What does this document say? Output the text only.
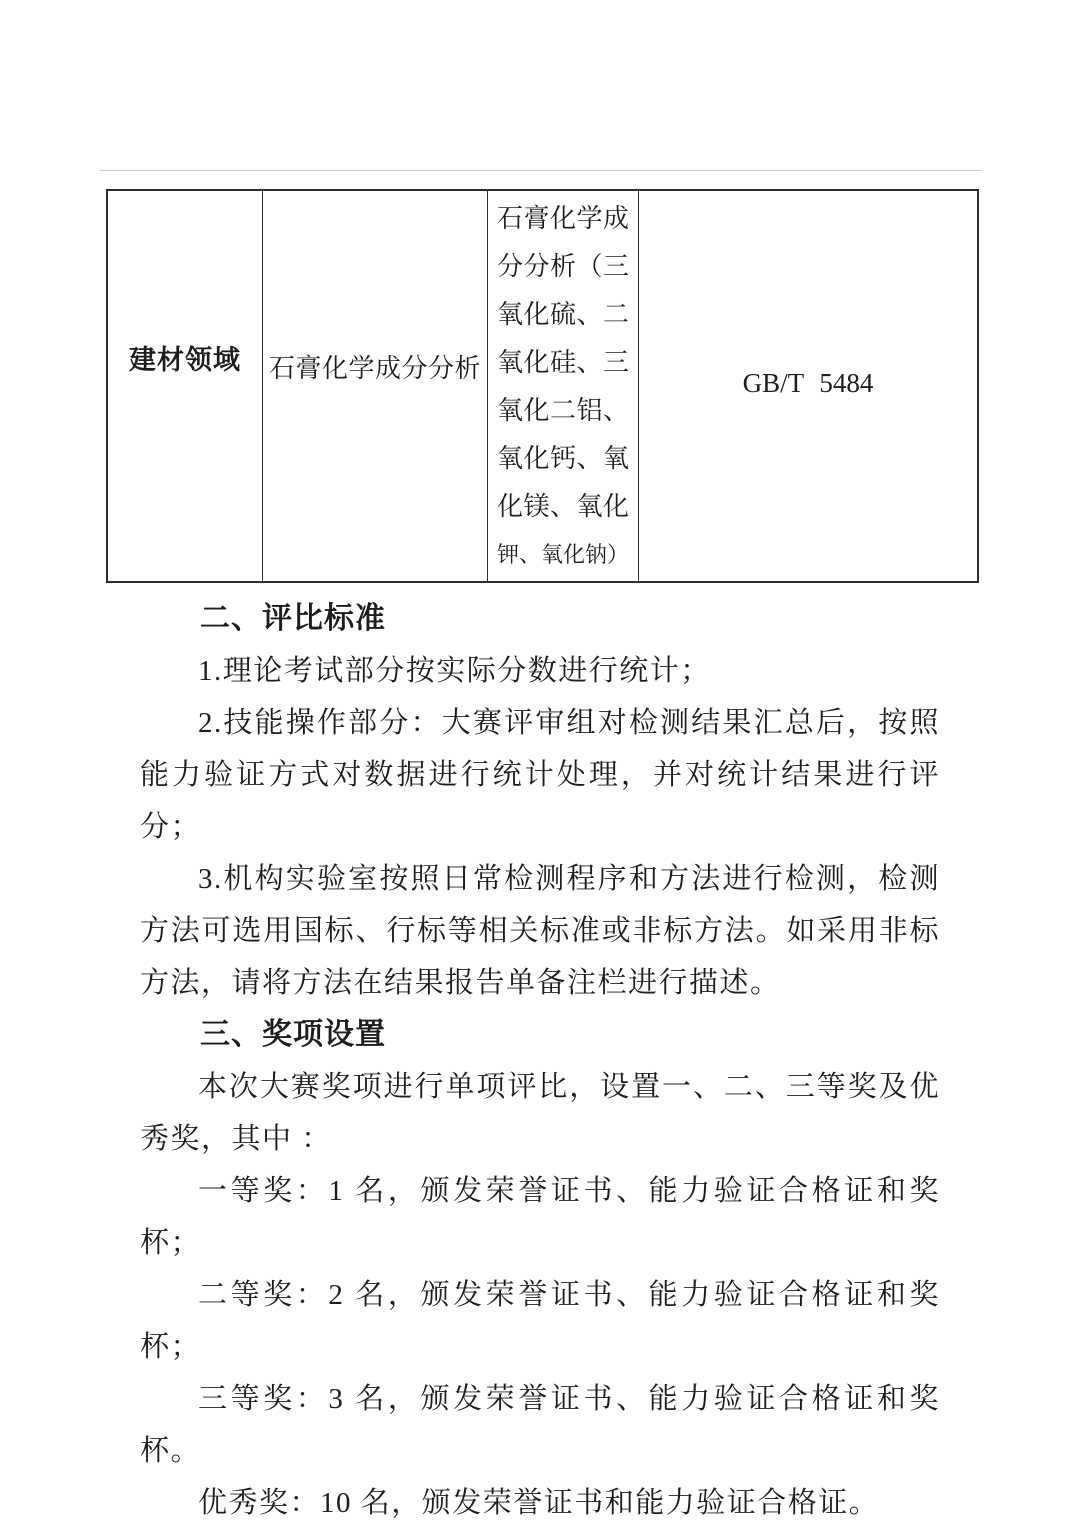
建材领域 石膏化学成分分析
石膏化学成
分分析（三
氧化硫、二
氧化硅、三
氧化二铝、
氧化钙、氧
化镁、氧化
钾、氧化钠）
GB/T 5484

二、评比标准

1.理论考试部分按实际分数进行统计；

2.技能操作部分：大赛评审组对检测结果汇总后，按照能力验证方式对数据进行统计处理，并对统计结果进行评分；

3.机构实验室按照日常检测程序和方法进行检测，检测方法可选用国标、行标等相关标准或非标方法。如采用非标方法，请将方法在结果报告单备注栏进行描述。

三、奖项设置

本次大赛奖项进行单项评比，设置一、二、三等奖及优秀奖，其中 ：

一等奖：1 名，颁发荣誉证书、能力验证合格证和奖杯；

二等奖：2 名，颁发荣誉证书、能力验证合格证和奖杯；

三等奖：3 名，颁发荣誉证书、能力验证合格证和奖杯。

优秀奖：10 名，颁发荣誉证书和能力验证合格证。
